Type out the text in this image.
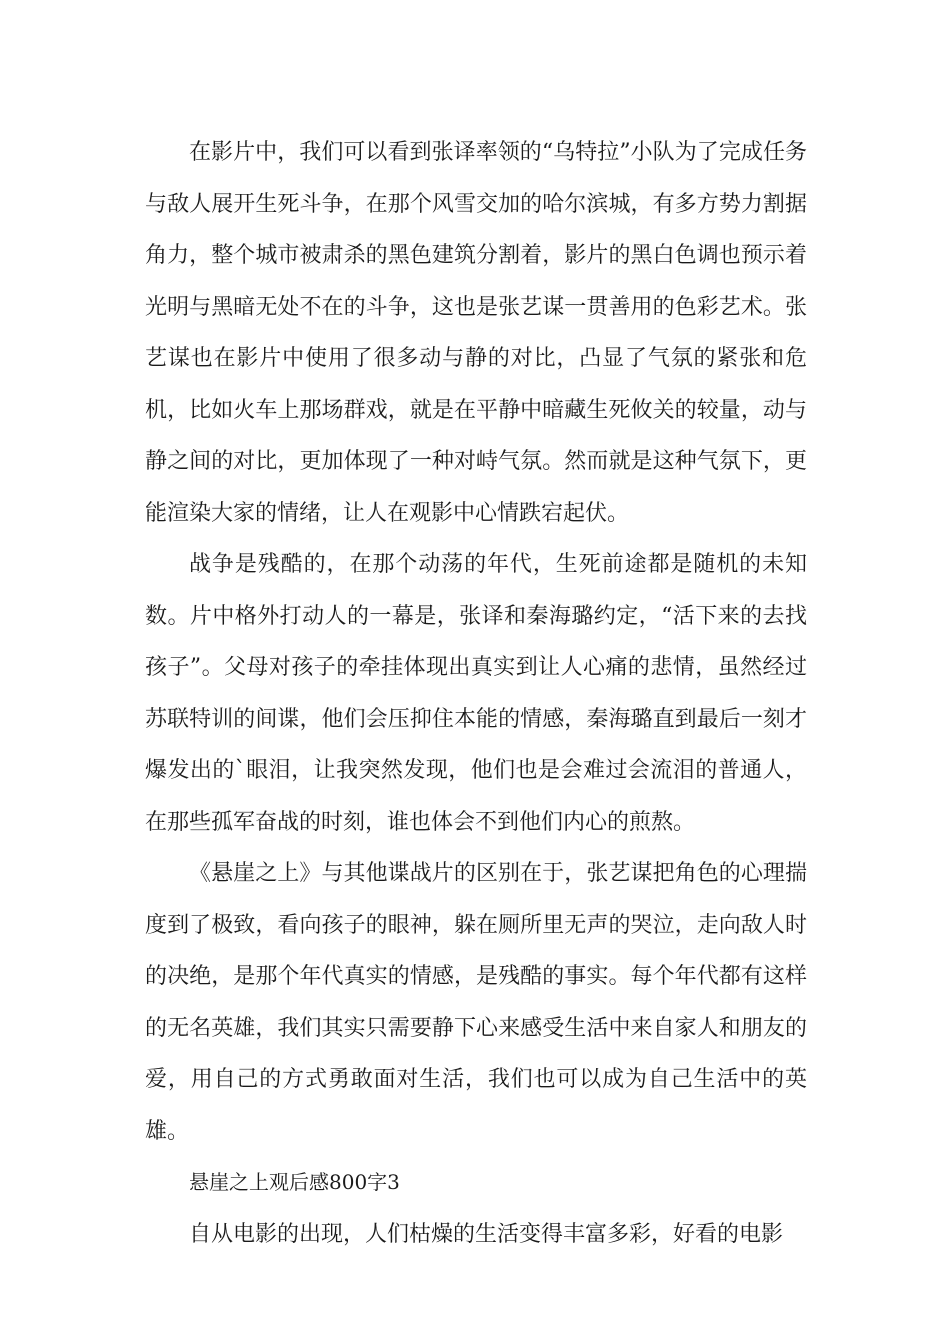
在影片中，我们可以看到张译率领的“乌特拉”小队为了完成任务与敌人展开生死斗争，在那个风雪交加的哈尔滨城，有多方势力割据角力，整个城市被肃杀的黑色建筑分割着，影片的黑白色调也预示着光明与黑暗无处不在的斗争，这也是张艺谋一贯善用的色彩艺术。张艺谋也在影片中使用了很多动与静的对比，凸显了气氛的紧张和危机，比如火车上那场群戏，就是在平静中暗藏生死攸关的较量，动与静之间的对比，更加体现了一种对峙气氛。然而就是这种气氛下，更能渲染大家的情绪，让人在观影中心情跌宕起伏。

战争是残酷的，在那个动荡的年代，生死前途都是随机的未知数。片中格外打动人的一幕是，张译和秦海璐约定，“活下来的去找孩子”。父母对孩子的牵挂体现出真实到让人心痛的悲情，虽然经过苏联特训的间谍，他们会压抑住本能的情感，秦海璐直到最后一刻才爆发出的`眼泪，让我突然发现，他们也是会难过会流泪的普通人，在那些孤军奋战的时刻，谁也体会不到他们内心的煎熬。

《悬崖之上》与其他谍战片的区别在于，张艺谋把角色的心理揣度到了极致，看向孩子的眼神，躲在厕所里无声的哭泣，走向敌人时的决绝，是那个年代真实的情感，是残酷的事实。每个年代都有这样的无名英雄，我们其实只需要静下心来感受生活中来自家人和朋友的爱，用自己的方式勇敢面对生活，我们也可以成为自己生活中的英雄。

悬崖之上观后感800字3

自从电影的出现，人们枯燥的生活变得丰富多彩，好看的电影
